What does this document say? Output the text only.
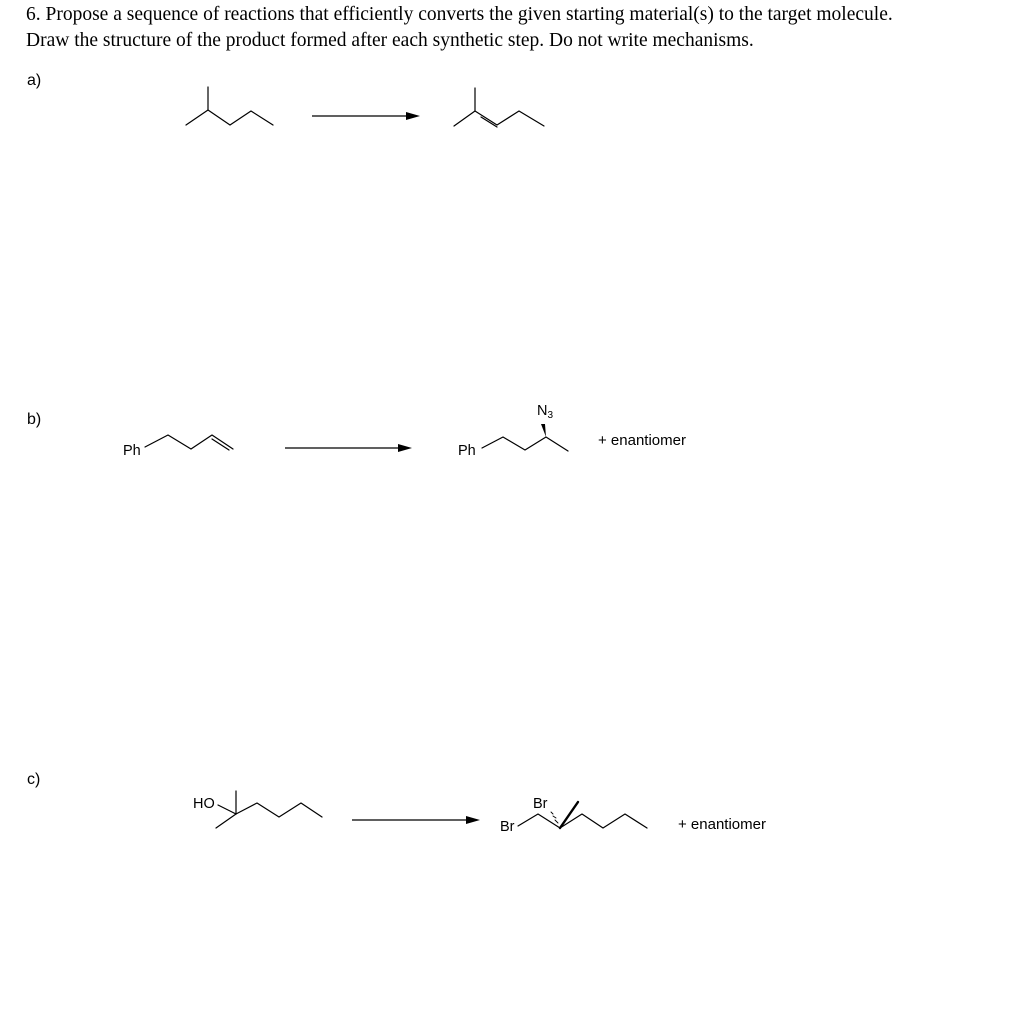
6. Propose a sequence of reactions that efficiently converts the given starting material(s) to the target molecule.

Draw the structure of the product formed after each synthetic step. Do not write mechanisms.

a)
b)
c)
Ph	Ph
$N_3$
+ enantiomer
HO
Br
Br
+ enantiomer
